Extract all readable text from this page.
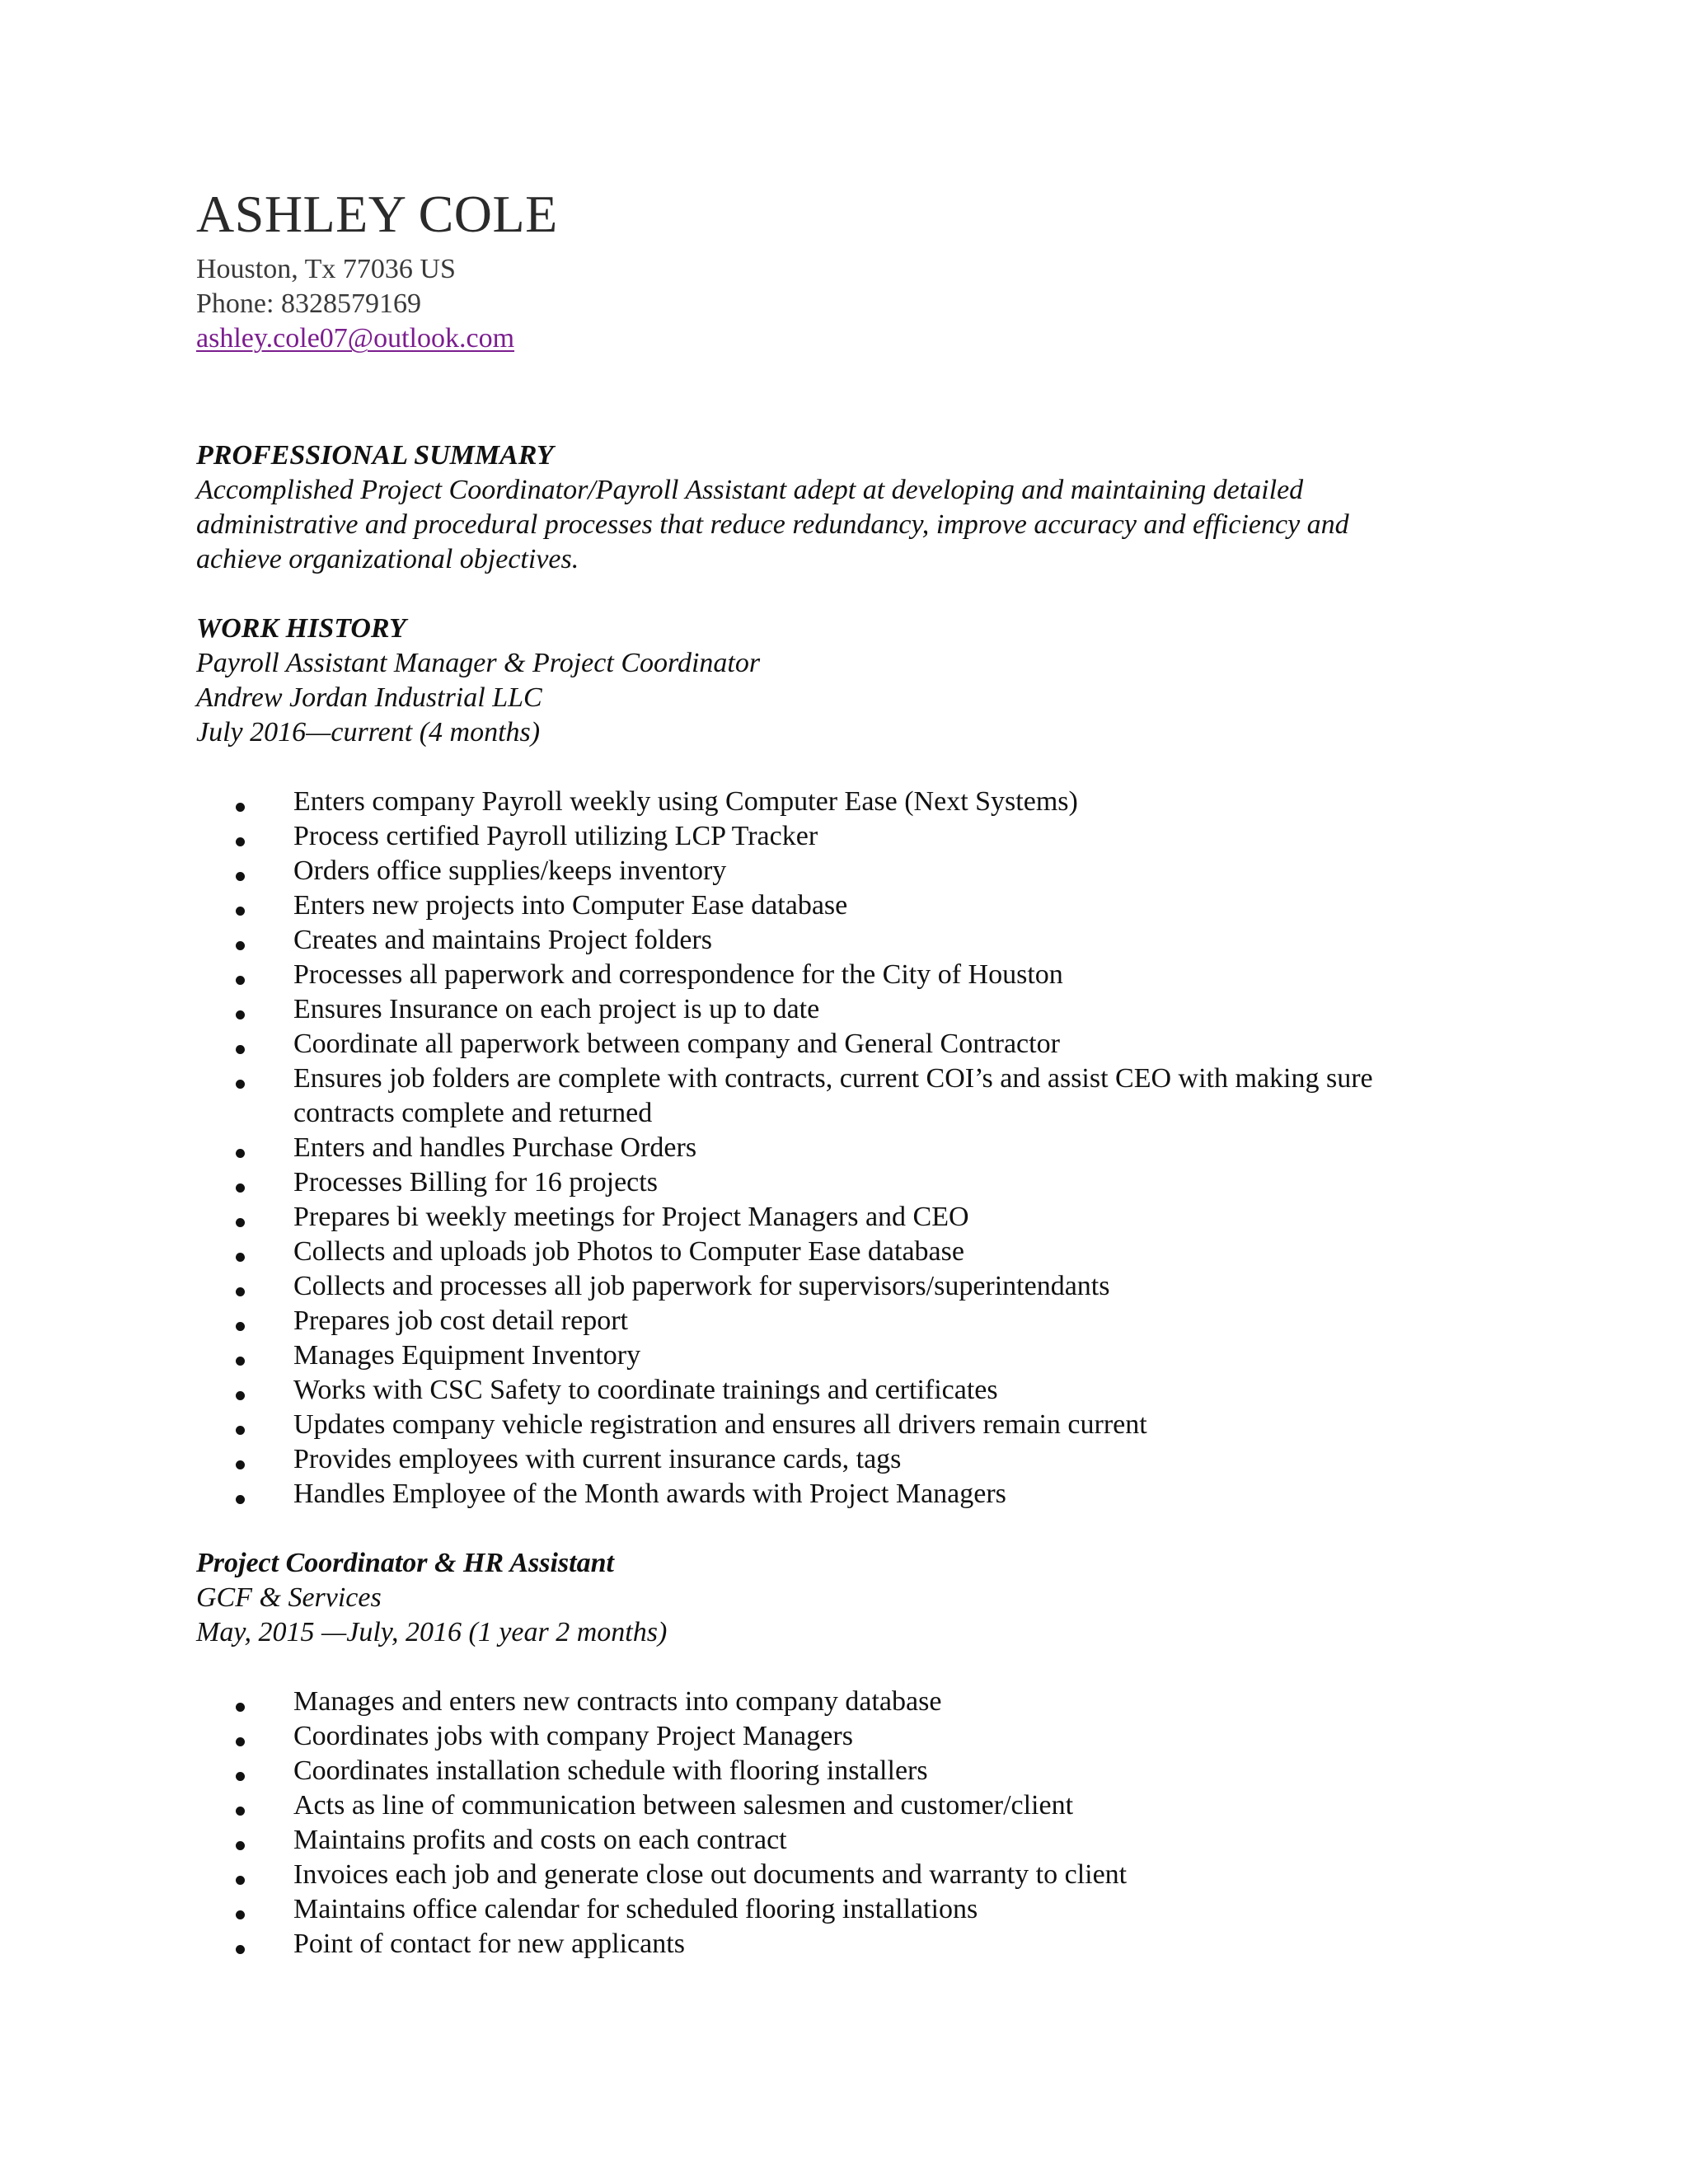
ASHLEY COLE
Houston, Tx 77036 US
Phone: 8328579169
ashley.cole07@outlook.com
PROFESSIONAL SUMMARY
Accomplished Project Coordinator/Payroll Assistant adept at developing and maintaining detailed
administrative and procedural processes that reduce redundancy, improve accuracy and efficiency and
achieve organizational objectives.
WORK HISTORY
Payroll Assistant Manager & Project Coordinator
Andrew Jordan Industrial LLC
July 2016—current (4 months)
Enters company Payroll weekly using Computer Ease (Next Systems)
Process certified Payroll utilizing LCP Tracker
Orders office supplies/keeps inventory
Enters new projects into Computer Ease database
Creates and maintains Project folders
Processes all paperwork and correspondence for the City of Houston
Ensures Insurance on each project is up to date
Coordinate all paperwork between company and General Contractor
Ensures job folders are complete with contracts, current COI’s and assist CEO with making sure
contracts complete and returned
Enters and handles Purchase Orders
Processes Billing for 16 projects
Prepares bi weekly meetings for Project Managers and CEO
Collects and uploads job Photos to Computer Ease database
Collects and processes all job paperwork for supervisors/superintendants
Prepares job cost detail report
Manages Equipment Inventory
Works with CSC Safety to coordinate trainings and certificates
Updates company vehicle registration and ensures all drivers remain current
Provides employees with current insurance cards, tags
Handles Employee of the Month awards with Project Managers
Project Coordinator & HR Assistant
GCF & Services
May, 2015 —July, 2016 (1 year 2 months)
Manages and enters new contracts into company database
Coordinates jobs with company Project Managers
Coordinates installation schedule with flooring installers
Acts as line of communication between salesmen and customer/client
Maintains profits and costs on each contract
Invoices each job and generate close out documents and warranty to client
Maintains office calendar for scheduled flooring installations
Point of contact for new applicants
